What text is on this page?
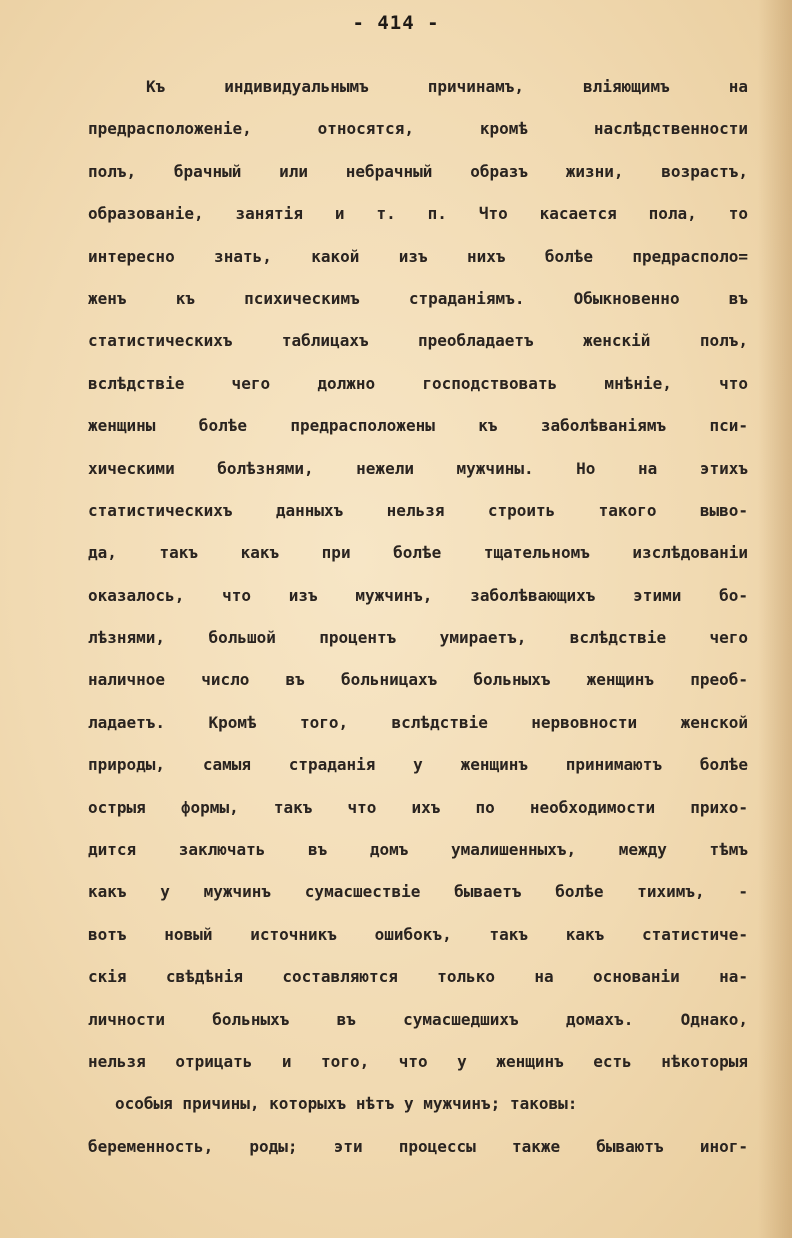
- 414 -
Къ индивидуальнымъ причинамъ, вліяющимъ на
предрасположеніе, относятся, кромѣ наслѣдственности
полъ, брачный или небрачный образъ жизни, возрастъ,
образованіе, занятія и т. п. Что касается пола, то
интересно знать, какой изъ нихъ болѣе предрасполо=
женъ къ психическимъ страданіямъ. Обыкновенно въ
статистическихъ таблицахъ преобладаетъ женскій полъ,
вслѣдствіе чего должно господствовать мнѣніе, что
женщины болѣе предрасположены къ заболѣваніямъ пси-
хическими болѣзнями, нежели мужчины. Но на этихъ
статистическихъ данныхъ нельзя строить такого выво-
да, такъ какъ при болѣе тщательномъ изслѣдованіи
оказалось, что изъ мужчинъ, заболѣвающихъ этими бо-
лѣзнями, большой процентъ умираетъ, вслѣдствіе чего
наличное число въ больницахъ больныхъ женщинъ преоб-
ладаетъ. Кромѣ того, вслѣдствіе нервовности женской
природы, самыя страданія у женщинъ принимаютъ болѣе
острыя формы, такъ что ихъ по необходимости прихо-
дится заключать въ домъ умалишенныхъ, между тѣмъ
какъ у мужчинъ сумасшествіе бываетъ болѣе тихимъ, -
вотъ новый источникъ ошибокъ, такъ какъ статистиче-
скія свѣдѣнія составляются только на основаніи на-
личности больныхъ въ сумасшедшихъ домахъ. Однако,
нельзя отрицать и того, что у женщинъ есть нѣкоторыя
особыя причины, которыхъ нѣтъ у мужчинъ; таковы:
беременность, роды; эти процессы также бываютъ иног-
